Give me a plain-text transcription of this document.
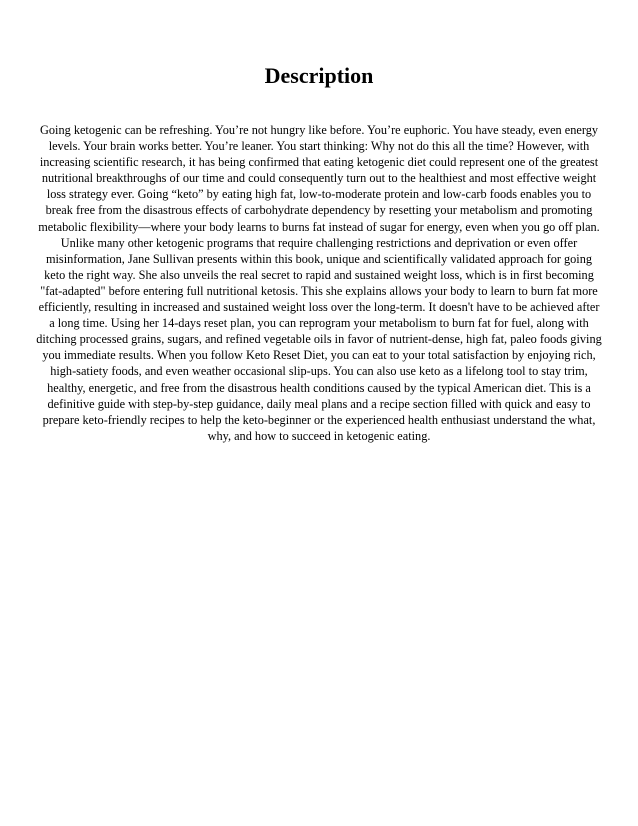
Description

Going ketogenic can be refreshing. You’re not hungry like before. You’re euphoric. You have steady, even energy levels. Your brain works better. You’re leaner. You start thinking: Why not do this all the time? However, with increasing scientific research, it has being confirmed that eating ketogenic diet could represent one of the greatest nutritional breakthroughs of our time and could consequently turn out to the healthiest and most effective weight loss strategy ever. Going “keto” by eating high fat, low-to-moderate protein and low-carb foods enables you to break free from the disastrous effects of carbohydrate dependency by resetting your metabolism and promoting metabolic flexibility—where your body learns to burns fat instead of sugar for energy, even when you go off plan. Unlike many other ketogenic programs that require challenging restrictions and deprivation or even offer misinformation, Jane Sullivan presents within this book, unique and scientifically validated approach for going keto the right way. She also unveils the real secret to rapid and sustained weight loss, which is in first becoming "fat-adapted" before entering full nutritional ketosis. This she explains allows your body to learn to burn fat more efficiently, resulting in increased and sustained weight loss over the long-term. It doesn't have to be achieved after a long time. Using her 14-days reset plan, you can reprogram your metabolism to burn fat for fuel, along with ditching processed grains, sugars, and refined vegetable oils in favor of nutrient-dense, high fat, paleo foods giving you immediate results. When you follow Keto Reset Diet, you can eat to your total satisfaction by enjoying rich, high-satiety foods, and even weather occasional slip-ups. You can also use keto as a lifelong tool to stay trim, healthy, energetic, and free from the disastrous health conditions caused by the typical American diet. This is a definitive guide with step-by-step guidance, daily meal plans and a recipe section filled with quick and easy to prepare keto-friendly recipes to help the keto-beginner or the experienced health enthusiast understand the what, why, and how to succeed in ketogenic eating.
